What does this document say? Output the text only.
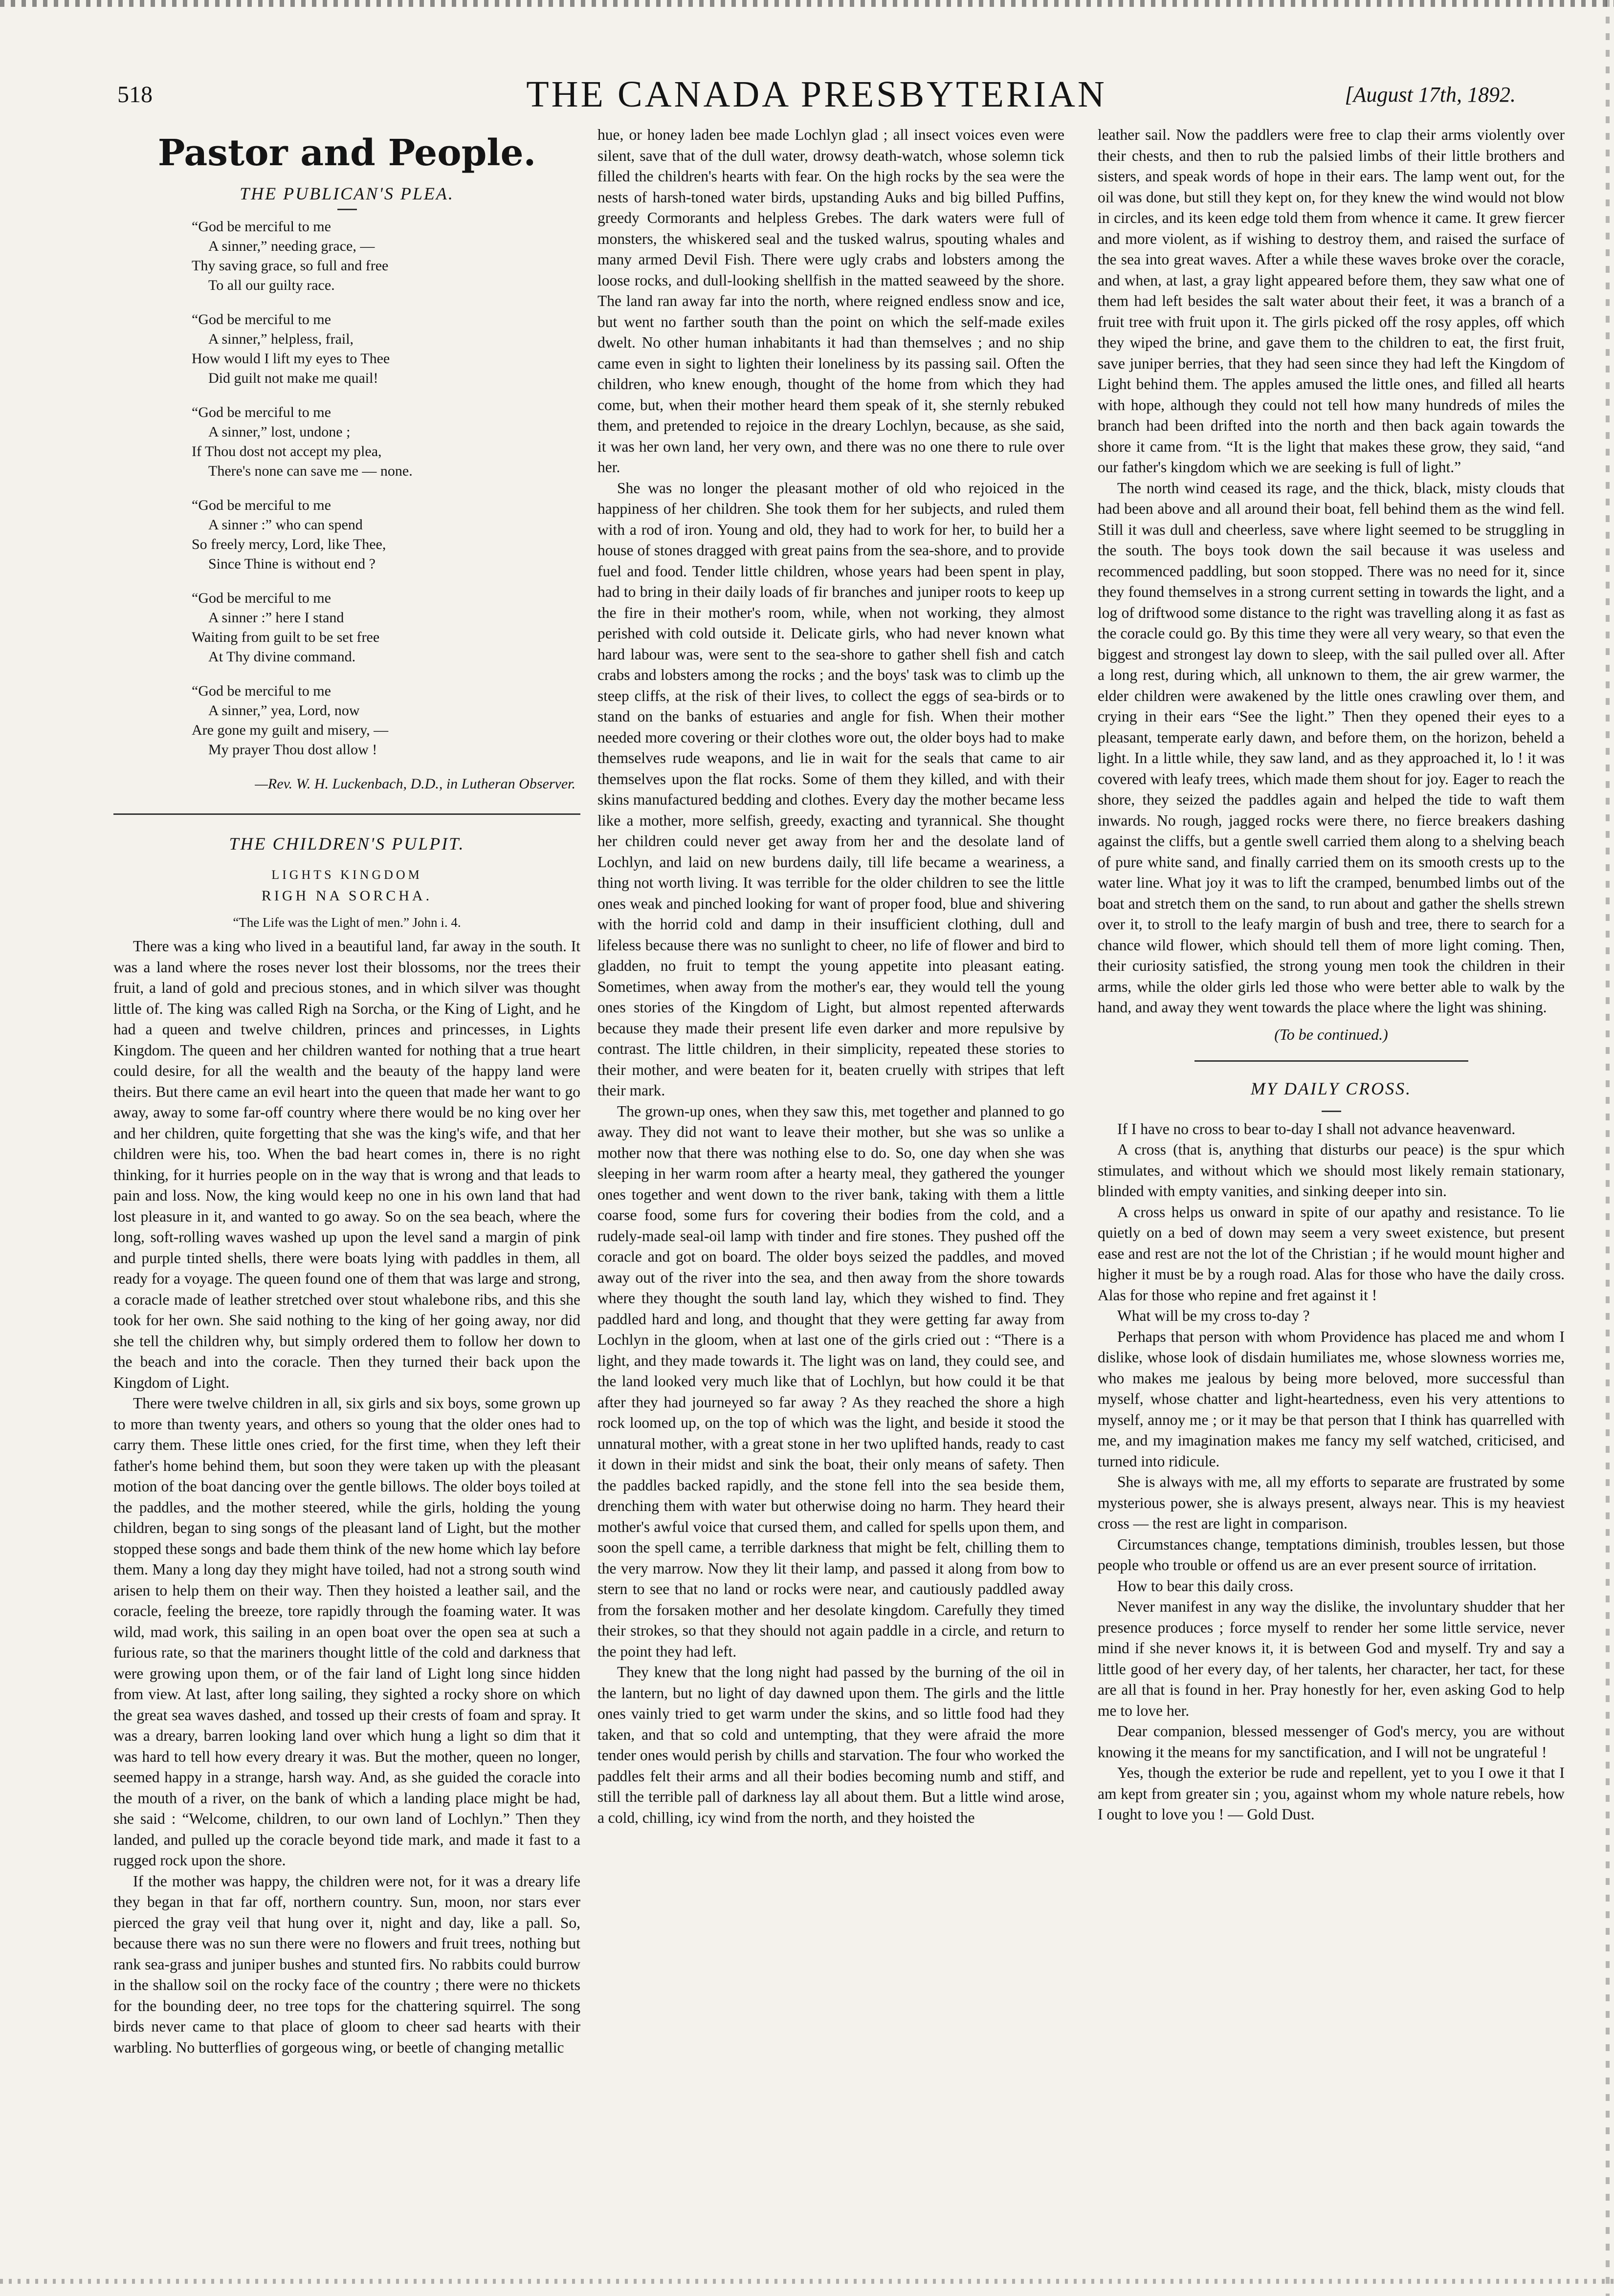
518	THE CANADA PRESBYTERIAN	[August 17th, 1892.
Pastor and People.
THE PUBLICAN'S PLEA.
“God be merciful to me
A sinner,” needing grace, —
Thy saving grace, so full and free
To all our guilty race.
“God be merciful to me
A sinner,” helpless, frail,
How would I lift my eyes to Thee
Did guilt not make me quail!
“God be merciful to me
A sinner,” lost, undone ;
If Thou dost not accept my plea,
There's none can save me — none.
“God be merciful to me
A sinner :” who can spend
So freely mercy, Lord, like Thee,
Since Thine is without end ?
“God be merciful to me
A sinner :” here I stand
Waiting from guilt to be set free
At Thy divine command.
“God be merciful to me
A sinner,” yea, Lord, now
Are gone my guilt and misery, —
My prayer Thou dost allow !
—Rev. W. H. Luckenbach, D.D., in Lutheran Observer.
THE CHILDREN'S PULPIT.
LIGHTS KINGDOM
RIGH NA SORCHA.
“The Life was the Light of men.” John i. 4.

There was a king who lived in a beautiful land, far away in the south. It was a land where the roses never lost their blossoms, nor the trees their fruit, a land of gold and precious stones, and in which silver was thought little of. The king was called Righ na Sorcha, or the King of Light, and he had a queen and twelve children, princes and princesses, in Lights Kingdom. The queen and her children wanted for nothing that a true heart could desire, for all the wealth and the beauty of the happy land were theirs. But there came an evil heart into the queen that made her want to go away, away to some far-off country where there would be no king over her and her children, quite forgetting that she was the king's wife, and that her children were his, too. When the bad heart comes in, there is no right thinking, for it hurries people on in the way that is wrong and that leads to pain and loss. Now, the king would keep no one in his own land that had lost pleasure in it, and wanted to go away. So on the sea beach, where the long, soft-rolling waves washed up upon the level sand a margin of pink and purple tinted shells, there were boats lying with paddles in them, all ready for a voyage. The queen found one of them that was large and strong, a coracle made of leather stretched over stout whalebone ribs, and this she took for her own. She said nothing to the king of her going away, nor did she tell the children why, but simply ordered them to follow her down to the beach and into the coracle. Then they turned their back upon the Kingdom of Light.

There were twelve children in all, six girls and six boys, some grown up to more than twenty years, and others so young that the older ones had to carry them. These little ones cried, for the first time, when they left their father's home behind them, but soon they were taken up with the pleasant motion of the boat dancing over the gentle billows. The older boys toiled at the paddles, and the mother steered, while the girls, holding the young children, began to sing songs of the pleasant land of Light, but the mother stopped these songs and bade them think of the new home which lay before them. Many a long day they might have toiled, had not a strong south wind arisen to help them on their way. Then they hoisted a leather sail, and the coracle, feeling the breeze, tore rapidly through the foaming water. It was wild, mad work, this sailing in an open boat over the open sea at such a furious rate, so that the mariners thought little of the cold and darkness that were growing upon them, or of the fair land of Light long since hidden from view. At last, after long sailing, they sighted a rocky shore on which the great sea waves dashed, and tossed up their crests of foam and spray. It was a dreary, barren looking land over which hung a light so dim that it was hard to tell how every dreary it was. But the mother, queen no longer, seemed happy in a strange, harsh way. And, as she guided the coracle into the mouth of a river, on the bank of which a landing place might be had, she said : “Welcome, children, to our own land of Lochlyn.” Then they landed, and pulled up the coracle beyond tide mark, and made it fast to a rugged rock upon the shore.

If the mother was happy, the children were not, for it was a dreary life they began in that far off, northern country. Sun, moon, nor stars ever pierced the gray veil that hung over it, night and day, like a pall. So, because there was no sun there were no flowers and fruit trees, nothing but rank sea-grass and juniper bushes and stunted firs. No rabbits could burrow in the shallow soil on the rocky face of the country ; there were no thickets for the bounding deer, no tree tops for the chattering squirrel. The song birds never came to that place of gloom to cheer sad hearts with their warbling. No butterflies of gorgeous wing, or beetle of changing metallic

hue, or honey laden bee made Lochlyn glad ; all insect voices even were silent, save that of the dull water, drowsy death-watch, whose solemn tick filled the children's hearts with fear. On the high rocks by the sea were the nests of harsh-toned water birds, upstanding Auks and big billed Puffins, greedy Cormorants and helpless Grebes. The dark waters were full of monsters, the whiskered seal and the tusked walrus, spouting whales and many armed Devil Fish. There were ugly crabs and lobsters among the loose rocks, and dull-looking shellfish in the matted seaweed by the shore. The land ran away far into the north, where reigned endless snow and ice, but went no farther south than the point on which the self-made exiles dwelt. No other human inhabitants it had than themselves ; and no ship came even in sight to lighten their loneliness by its passing sail. Often the children, who knew enough, thought of the home from which they had come, but, when their mother heard them speak of it, she sternly rebuked them, and pretended to rejoice in the dreary Lochlyn, because, as she said, it was her own land, her very own, and there was no one there to rule over her.

She was no longer the pleasant mother of old who rejoiced in the happiness of her children. She took them for her subjects, and ruled them with a rod of iron. Young and old, they had to work for her, to build her a house of stones dragged with great pains from the sea-shore, and to provide fuel and food. Tender little children, whose years had been spent in play, had to bring in their daily loads of fir branches and juniper roots to keep up the fire in their mother's room, while, when not working, they almost perished with cold outside it. Delicate girls, who had never known what hard labour was, were sent to the sea-shore to gather shell fish and catch crabs and lobsters among the rocks ; and the boys' task was to climb up the steep cliffs, at the risk of their lives, to collect the eggs of sea-birds or to stand on the banks of estuaries and angle for fish. When their mother needed more covering or their clothes wore out, the older boys had to make themselves rude weapons, and lie in wait for the seals that came to air themselves upon the flat rocks. Some of them they killed, and with their skins manufactured bedding and clothes. Every day the mother became less like a mother, more selfish, greedy, exacting and tyrannical. She thought her children could never get away from her and the desolate land of Lochlyn, and laid on new burdens daily, till life became a weariness, a thing not worth living. It was terrible for the older children to see the little ones weak and pinched looking for want of proper food, blue and shivering with the horrid cold and damp in their insufficient clothing, dull and lifeless because there was no sunlight to cheer, no life of flower and bird to gladden, no fruit to tempt the young appetite into pleasant eating. Sometimes, when away from the mother's ear, they would tell the young ones stories of the Kingdom of Light, but almost repented afterwards because they made their present life even darker and more repulsive by contrast. The little children, in their simplicity, repeated these stories to their mother, and were beaten for it, beaten cruelly with stripes that left their mark.

The grown-up ones, when they saw this, met together and planned to go away. They did not want to leave their mother, but she was so unlike a mother now that there was nothing else to do. So, one day when she was sleeping in her warm room after a hearty meal, they gathered the younger ones together and went down to the river bank, taking with them a little coarse food, some furs for covering their bodies from the cold, and a rudely-made seal-oil lamp with tinder and fire stones. They pushed off the coracle and got on board. The older boys seized the paddles, and moved away out of the river into the sea, and then away from the shore towards where they thought the south land lay, which they wished to find. They paddled hard and long, and thought that they were getting far away from Lochlyn in the gloom, when at last one of the girls cried out : “There is a light, and they made towards it. The light was on land, they could see, and the land looked very much like that of Lochlyn, but how could it be that after they had journeyed so far away ? As they reached the shore a high rock loomed up, on the top of which was the light, and beside it stood the unnatural mother, with a great stone in her two uplifted hands, ready to cast it down in their midst and sink the boat, their only means of safety. Then the paddles backed rapidly, and the stone fell into the sea beside them, drenching them with water but otherwise doing no harm. They heard their mother's awful voice that cursed them, and called for spells upon them, and soon the spell came, a terrible darkness that might be felt, chilling them to the very marrow. Now they lit their lamp, and passed it along from bow to stern to see that no land or rocks were near, and cautiously paddled away from the forsaken mother and her desolate kingdom. Carefully they timed their strokes, so that they should not again paddle in a circle, and return to the point they had left.

They knew that the long night had passed by the burning of the oil in the lantern, but no light of day dawned upon them. The girls and the little ones vainly tried to get warm under the skins, and so little food had they taken, and that so cold and untempting, that they were afraid the more tender ones would perish by chills and starvation. The four who worked the paddles felt their arms and all their bodies becoming numb and stiff, and still the terrible pall of darkness lay all about them. But a little wind arose, a cold, chilling, icy wind from the north, and they hoisted the

leather sail. Now the paddlers were free to clap their arms violently over their chests, and then to rub the palsied limbs of their little brothers and sisters, and speak words of hope in their ears. The lamp went out, for the oil was done, but still they kept on, for they knew the wind would not blow in circles, and its keen edge told them from whence it came. It grew fiercer and more violent, as if wishing to destroy them, and raised the surface of the sea into great waves. After a while these waves broke over the coracle, and when, at last, a gray light appeared before them, they saw what one of them had left besides the salt water about their feet, it was a branch of a fruit tree with fruit upon it. The girls picked off the rosy apples, off which they wiped the brine, and gave them to the children to eat, the first fruit, save juniper berries, that they had seen since they had left the Kingdom of Light behind them. The apples amused the little ones, and filled all hearts with hope, although they could not tell how many hundreds of miles the branch had been drifted into the north and then back again towards the shore it came from. “It is the light that makes these grow, they said, “and our father's kingdom which we are seeking is full of light.”

The north wind ceased its rage, and the thick, black, misty clouds that had been above and all around their boat, fell behind them as the wind fell. Still it was dull and cheerless, save where light seemed to be struggling in the south. The boys took down the sail because it was useless and recommenced paddling, but soon stopped. There was no need for it, since they found themselves in a strong current setting in towards the light, and a log of driftwood some distance to the right was travelling along it as fast as the coracle could go. By this time they were all very weary, so that even the biggest and strongest lay down to sleep, with the sail pulled over all. After a long rest, during which, all unknown to them, the air grew warmer, the elder children were awakened by the little ones crawling over them, and crying in their ears “See the light.” Then they opened their eyes to a pleasant, temperate early dawn, and before them, on the horizon, beheld a light. In a little while, they saw land, and as they approached it, lo ! it was covered with leafy trees, which made them shout for joy. Eager to reach the shore, they seized the paddles again and helped the tide to waft them inwards. No rough, jagged rocks were there, no fierce breakers dashing against the cliffs, but a gentle swell carried them along to a shelving beach of pure white sand, and finally carried them on its smooth crests up to the water line. What joy it was to lift the cramped, benumbed limbs out of the boat and stretch them on the sand, to run about and gather the shells strewn over it, to stroll to the leafy margin of bush and tree, there to search for a chance wild flower, which should tell them of more light coming. Then, their curiosity satisfied, the strong young men took the children in their arms, while the older girls led those who were better able to walk by the hand, and away they went towards the place where the light was shining.

(To be continued.)
MY DAILY CROSS.

If I have no cross to bear to-day I shall not advance heavenward.

A cross (that is, anything that disturbs our peace) is the spur which stimulates, and without which we should most likely remain stationary, blinded with empty vanities, and sinking deeper into sin.

A cross helps us onward in spite of our apathy and resistance. To lie quietly on a bed of down may seem a very sweet existence, but present ease and rest are not the lot of the Christian ; if he would mount higher and higher it must be by a rough road. Alas for those who have the daily cross. Alas for those who repine and fret against it !

What will be my cross to-day ?

Perhaps that person with whom Providence has placed me and whom I dislike, whose look of disdain humiliates me, whose slowness worries me, who makes me jealous by being more beloved, more successful than myself, whose chatter and light-heartedness, even his very attentions to myself, annoy me ; or it may be that person that I think has quarrelled with me, and my imagination makes me fancy my self watched, criticised, and turned into ridicule.

She is always with me, all my efforts to separate are frustrated by some mysterious power, she is always present, always near. This is my heaviest cross — the rest are light in comparison.

Circumstances change, temptations diminish, troubles lessen, but those people who trouble or offend us are an ever present source of irritation.

How to bear this daily cross.

Never manifest in any way the dislike, the involuntary shudder that her presence produces ; force myself to render her some little service, never mind if she never knows it, it is between God and myself. Try and say a little good of her every day, of her talents, her character, her tact, for these are all that is found in her. Pray honestly for her, even asking God to help me to love her.

Dear companion, blessed messenger of God's mercy, you are without knowing it the means for my sanctification, and I will not be ungrateful !

Yes, though the exterior be rude and repellent, yet to you I owe it that I am kept from greater sin ; you, against whom my whole nature rebels, how I ought to love you ! — Gold Dust.
